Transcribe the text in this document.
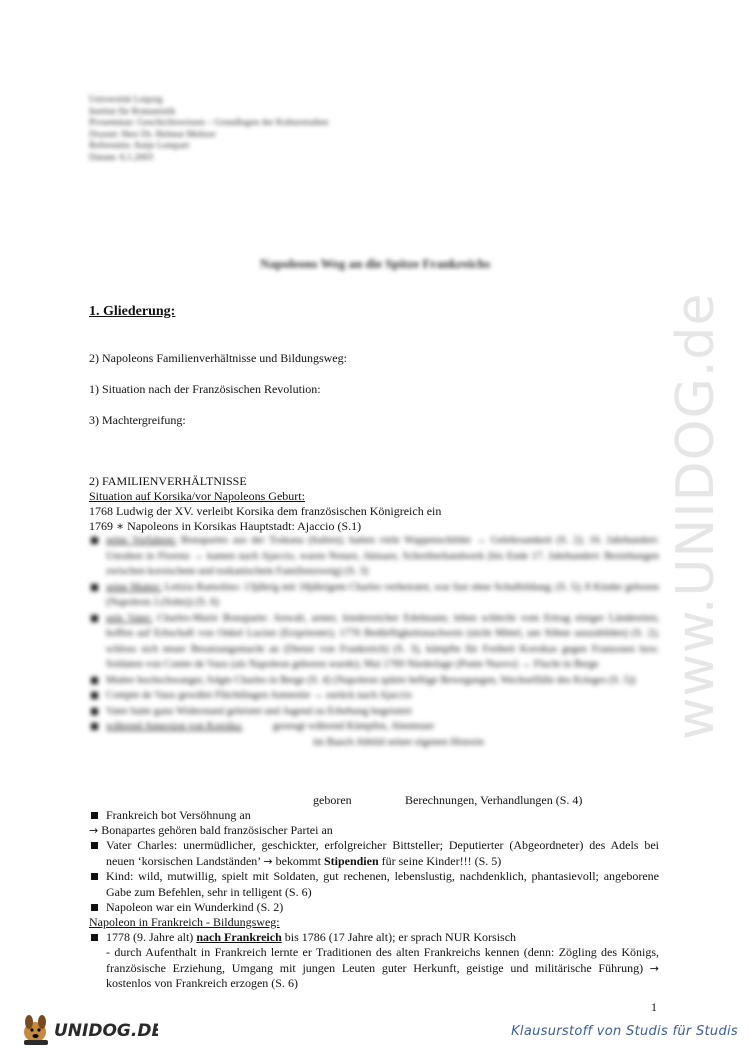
Universität Leipzig
Institut für Romanistik
Proseminar: Geschichtswissen – Grundlagen der Kulturstudien
Dozent: Herr Dr. Helmut Meltzer
Referentin: Antje Lempart
Datum: 6.1.2003
Napoleons Weg an die Spitze Frankreichs
1. Gliederung:
2) Napoleons Familienverhältnisse und Bildungsweg:
1) Situation nach der Französischen Revolution:
3) Machtergreifung:
2) FAMILIENVERHÄLTNISSE
Situation auf Korsika/vor Napoleons Geburt:
1768 Ludwig der XV. verleibt Korsika dem französischen Königreich ein
1769 ∗ Napoleons in Korsikas Hauptstadt: Ajaccio (S.1)
seine Vorfahren: Bonapartes aus der Toskana (Italien); hatten viele Wappenschilder → Gelehrsamkeit (S. 2); 16. Jahrhundert: Unruhen in Florenz → kamen nach Ajaccio, waren Notare, Aktuare, Schreiberhandwerk (bis Ende 17. Jahrhundert: Beziehungen zwischen korsischem und toskanischem Familienzweig) (S. 3)
seine Mutter: Letizia Ramolino: 13jährig mit 18jährigem Charles verheiratet, war fast ohne Schulbildung; (S. 5); 8 Kinder geboren (Napoleon 2.(Sohn)) (S. 6)
sein Vater: Charles-Marie Bonaparte: Anwalt, armer, kinderreicher Edelmann; leben schlecht vom Ertrag einiger Ländereien; hoffen auf Erbschaft von Onkel Lucien (Erzpriester); 1776 Bedürftigkeitsnachweis (nicht Mittel, um Söhne auszubilden) (S. 2); schloss sich neuer Besatzungsmacht an (Dienst von Frankreich) (S. 3), kämpfte für Freiheit Korsikas gegen Franzosen bzw. Soldaten von Comte de Vaux (als Napoleon geboren wurde); Mai 1769 Niederlage (Ponte Nuovo) → Flucht in Berge
Mutter hochschwanger, folgte Charles in Berge (S. 4) (Napoleon spürte heftige Bewegungen, Wechselfälle des Krieges (S. 5))
Compte de Vaux gewährt Flüchtlingen Amnestie → zurück nach Ajaccio
Vater hatte ganz Widerstand geleistet und Jugend zu Erhebung begeistert
während Annexion von Korsika:	gezeugt während Kämpfen, Abenteuer
im Bauch Abbild seiner eigenen Historie
geboren	Berechnungen, Verhandlungen (S. 4)
Frankreich bot Versöhnung an
→ Bonapartes gehören bald französischer Partei an
Vater Charles: unermüdlicher, geschickter, erfolgreicher Bittsteller; Deputierter (Abgeordneter) des Adels bei neuen ‘korsischen Landständen’ → bekommt Stipendien für seine Kinder!!! (S. 5)
Kind: wild, mutwillig, spielt mit Soldaten, gut rechenen, lebenslustig, nachdenklich, phantasievoll; angeborene Gabe zum Befehlen, sehr in telligent (S. 6)
Napoleon war ein Wunderkind (S. 2)
Napoleon in Frankreich - Bildungsweg:
1778 (9. Jahre alt) nach Frankreich bis 1786 (17 Jahre alt); er sprach NUR Korsisch
- durch Aufenthalt in Frankreich lernte er Traditionen des alten Frankreichs kennen (denn: Zögling des Königs, französische Erziehung, Umgang mit jungen Leuten guter Herkunft, geistige und militärische Führung) → kostenlos von Frankreich erzogen (S. 6)
1
www.UNIDOG.de
UNIDOG.DE	Klausurstoff von Studis für Studis
